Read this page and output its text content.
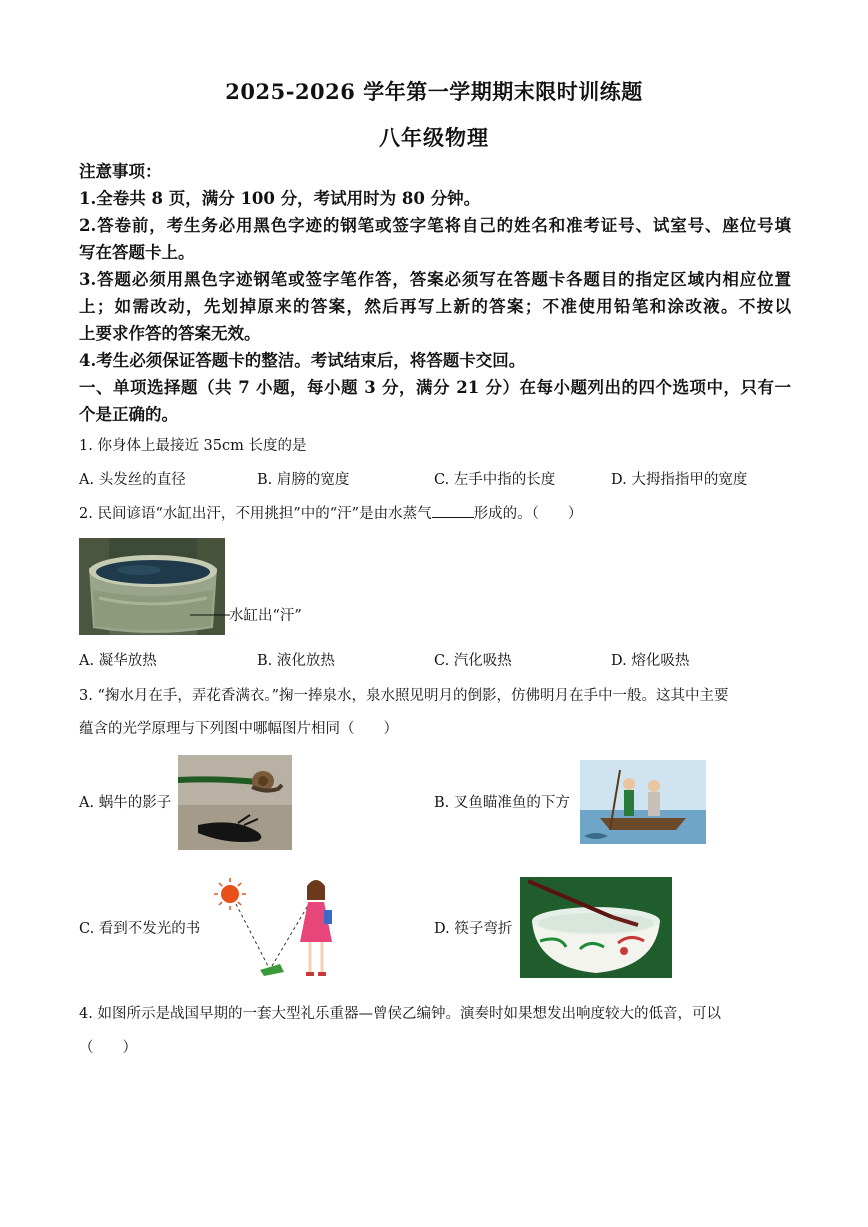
2025-2026 学年第一学期期末限时训练题
八年级物理
注意事项：
1.全卷共 8 页，满分 100 分，考试用时为 80 分钟。
2.答卷前，考生务必用黑色字迹的钢笔或签字笔将自己的姓名和准考证号、试室号、座位号填
写在答题卡上。
3.答题必须用黑色字迹钢笔或签字笔作答，答案必须写在答题卡各题目的指定区域内相应位置
上；如需改动，先划掉原来的答案，然后再写上新的答案；不准使用铅笔和涂改液。不按以
上要求作答的答案无效。
4.考生必须保证答题卡的整洁。考试结束后，将答题卡交回。
一、单项选择题（共 7 小题，每小题 3 分，满分 21 分）在每小题列出的四个选项中，只有一
个是正确的。
1. 你身体上最接近 35cm 长度的是
A. 头发丝的直径	B. 肩膀的宽度	C. 左手中指的长度	D. 大拇指指甲的宽度
2. 民间谚语“水缸出汗，不用挑担”中的“汗”是由水蒸气	形成的。（　　）
水缸出“汗”
A. 凝华放热	B. 液化放热	C. 汽化吸热	D. 熔化吸热
3. “掬水月在手，弄花香满衣。”掬一捧泉水，泉水照见明月的倒影，仿佛明月在手中一般。这其中主要
蕴含的光学原理与下列图中哪幅图片相同（　　）
A. 蜗牛的影子	B. 叉鱼瞄准鱼的下方
C. 看到不发光的书	D. 筷子弯折
4. 如图所示是战国早期的一套大型礼乐重器—曾侯乙编钟。演奏时如果想发出响度较大的低音，可以
（　　）
